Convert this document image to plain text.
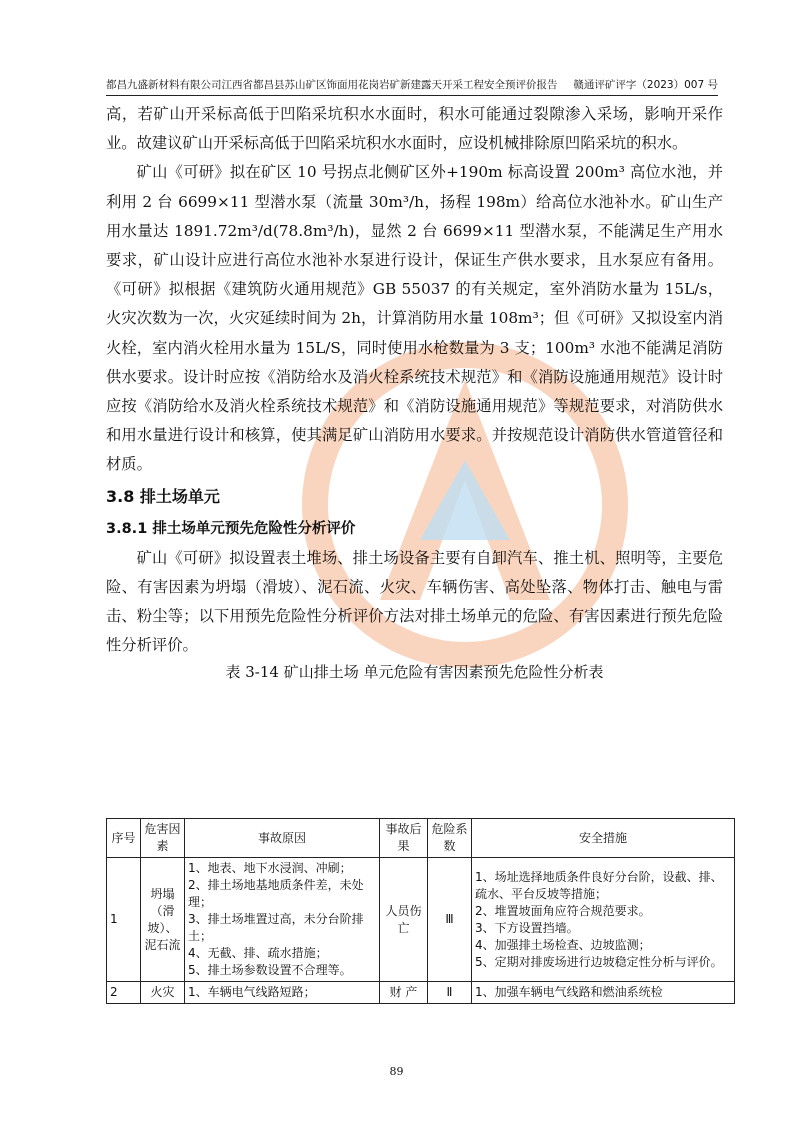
都昌九盛新材料有限公司江西省都昌县苏山矿区饰面用花岗岩矿新建露天开采工程安全预评价报告 赣通评矿评字（2023）007 号

高，若矿山开采标高低于凹陷采坑积水水面时，积水可能通过裂隙渗入采场，影响开采作业。故建议矿山开采标高低于凹陷采坑积水水面时，应设机械排除原凹陷采坑的积水。

矿山《可研》拟在矿区 10 号拐点北侧矿区外+190m 标高设置 200m³ 高位水池，并利用 2 台 6699×11 型潜水泵（流量 30m³/h，扬程 198m）给高位水池补水。矿山生产用水量达 1891.72m³/d(78.8m³/h)，显然 2 台 6699×11 型潜水泵，不能满足生产用水要求，矿山设计应进行高位水池补水泵进行设计，保证生产供水要求，且水泵应有备用。《可研》拟根据《建筑防火通用规范》GB 55037 的有关规定，室外消防水量为 15L/s，火灾次数为一次，火灾延续时间为 2h，计算消防用水量 108m³；但《可研》又拟设室内消火栓，室内消火栓用水量为 15L/S，同时使用水枪数量为 3 支；100m³ 水池不能满足消防供水要求。设计时应按《消防给水及消火栓系统技术规范》和《消防设施通用规范》设计时应按《消防给水及消火栓系统技术规范》和《消防设施通用规范》等规范要求，对消防供水和用水量进行设计和核算，使其满足矿山消防用水要求。并按规范设计消防供水管道管径和材质。

3.8 排土场单元
3.8.1 排土场单元预先危险性分析评价

矿山《可研》拟设置表土堆场、排土场设备主要有自卸汽车、推土机、照明等，主要危险、有害因素为坍塌（滑坡）、泥石流、火灾、车辆伤害、高处坠落、物体打击、触电与雷击、粉尘等；以下用预先危险性分析评价方法对排土场单元的危险、有害因素进行预先危险性分析评价。

表 3-14 矿山排土场 单元危险有害因素预先危险性分析表
序号	危害因素	事故原因	事故后果	危险系数	安全措施
1	坍塌（滑坡）、泥石流	1、地表、地下水浸润、冲刷；
2、排土场地基地质条件差，未处理；
3、排土场堆置过高，未分台阶排土；
4、无截、排、疏水措施；
5、排土场参数设置不合理等。	人员伤亡	Ⅲ	1、场址选择地质条件良好分台阶，设截、排、疏水、平台反坡等措施；
2、堆置坡面角应符合规范要求。
3、下方设置挡墙。
4、加强排土场检查、边坡监测；
5、定期对排废场进行边坡稳定性分析与评价。

2	火灾	1、车辆电气线路短路；	财 产	Ⅱ	1、加强车辆电气线路和燃油系统检
89
